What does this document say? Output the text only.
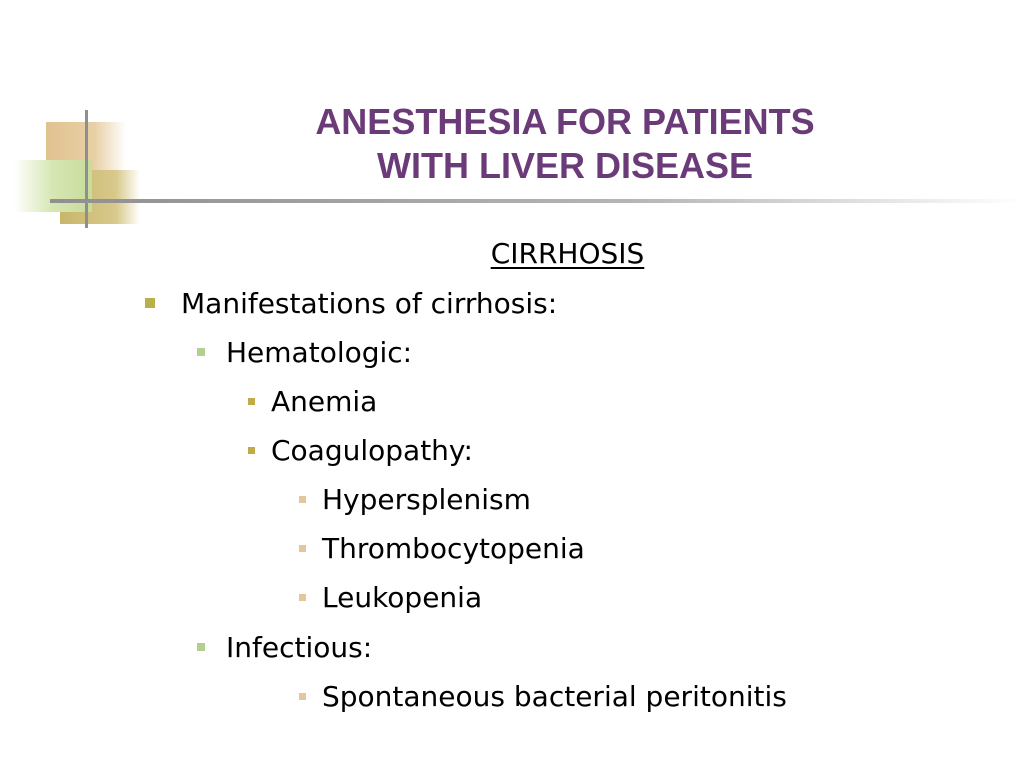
ANESTHESIA FOR PATIENTS
WITH LIVER DISEASE
CIRRHOSIS
Manifestations of cirrhosis:
Hematologic:
Anemia
Coagulopathy:
Hypersplenism
Thrombocytopenia
Leukopenia
Infectious:
Spontaneous bacterial peritonitis
